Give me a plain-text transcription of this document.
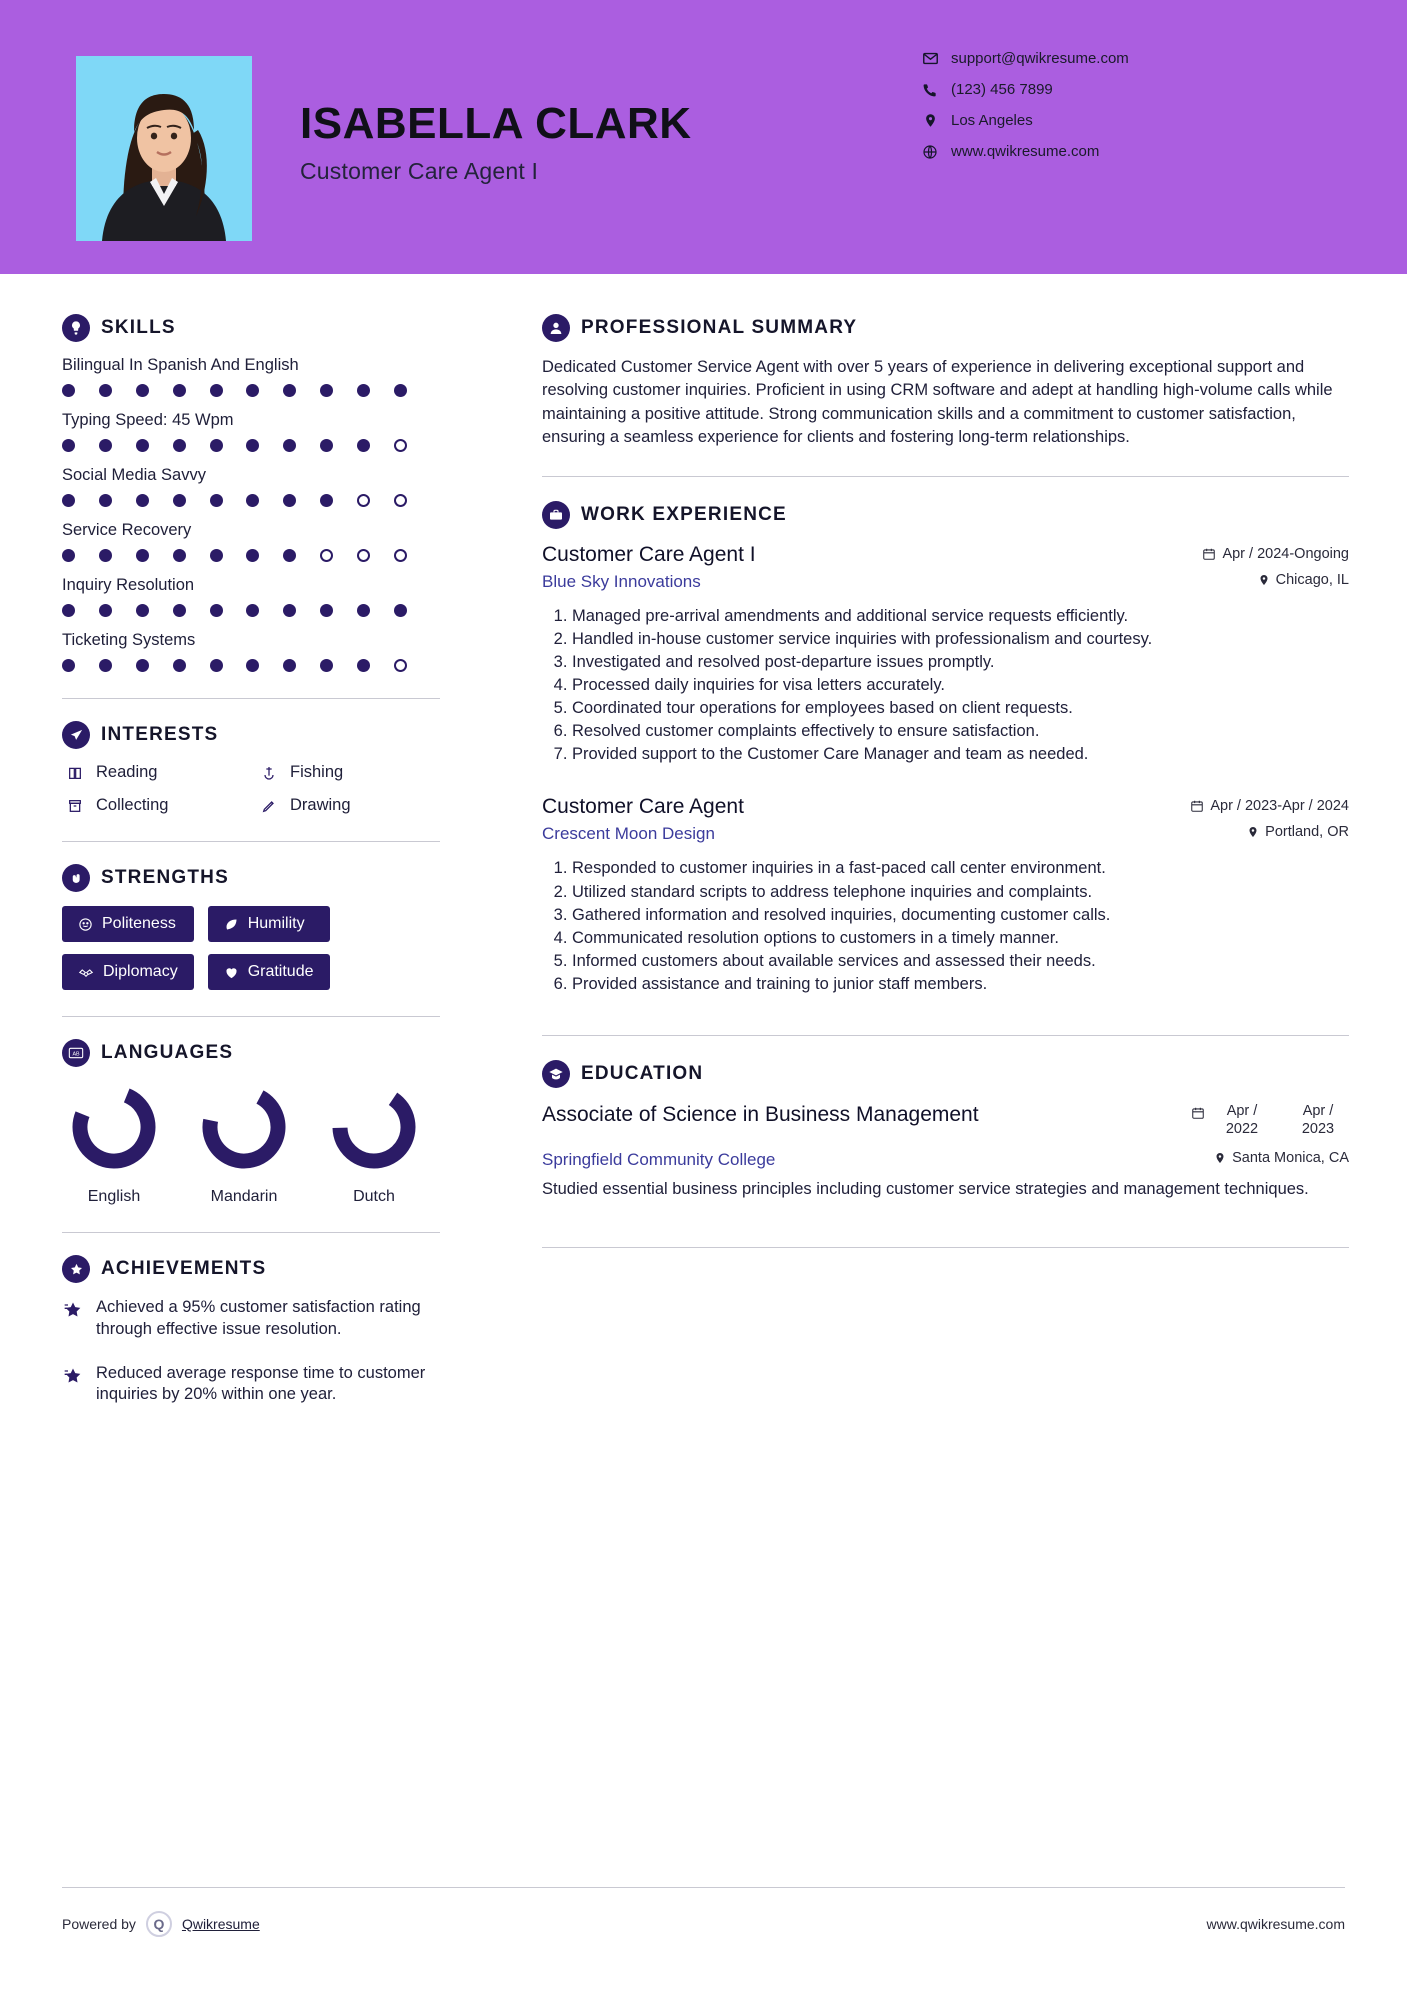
ISABELLA CLARK
Customer Care Agent I
support@qwikresume.com
(123) 456 7899
Los Angeles
www.qwikresume.com
SKILLS
Bilingual In Spanish And English
Typing Speed: 45 Wpm
Social Media Savvy
Service Recovery
Inquiry Resolution
Ticketing Systems
INTERESTS
Reading	Fishing
Collecting	Drawing
STRENGTHS
Politeness	Humility
Diplomacy	Gratitude
AB LANGUAGES
English	Mandarin	Dutch
ACHIEVEMENTS
Achieved a 95% customer satisfaction rating through effective issue resolution.
Reduced average response time to customer inquiries by 20% within one year.
PROFESSIONAL SUMMARY
Dedicated Customer Service Agent with over 5 years of experience in delivering exceptional support and resolving customer inquiries. Proficient in using CRM software and adept at handling high-volume calls while maintaining a positive attitude. Strong communication skills and a commitment to customer satisfaction, ensuring a seamless experience for clients and fostering long-term relationships.
WORK EXPERIENCE
Customer Care Agent I	Apr / 2024-Ongoing
Blue Sky Innovations	Chicago, IL
1. Managed pre-arrival amendments and additional service requests efficiently.
2. Handled in-house customer service inquiries with professionalism and courtesy.
3. Investigated and resolved post-departure issues promptly.
4. Processed daily inquiries for visa letters accurately.
5. Coordinated tour operations for employees based on client requests.
6. Resolved customer complaints effectively to ensure satisfaction.
7. Provided support to the Customer Care Manager and team as needed.
Customer Care Agent	Apr / 2023-Apr / 2024
Crescent Moon Design	Portland, OR
1. Responded to customer inquiries in a fast-paced call center environment.
2. Utilized standard scripts to address telephone inquiries and complaints.
3. Gathered information and resolved inquiries, documenting customer calls.
4. Communicated resolution options to customers in a timely manner.
5. Informed customers about available services and assessed their needs.
6. Provided assistance and training to junior staff members.
EDUCATION
Associate of Science in Business Management	Apr / 2022
Apr / 2023
Springfield Community College	Santa Monica, CA
Studied essential business principles including customer service strategies and management techniques.
Powered by	Q	Qwikresume	www.qwikresume.com
